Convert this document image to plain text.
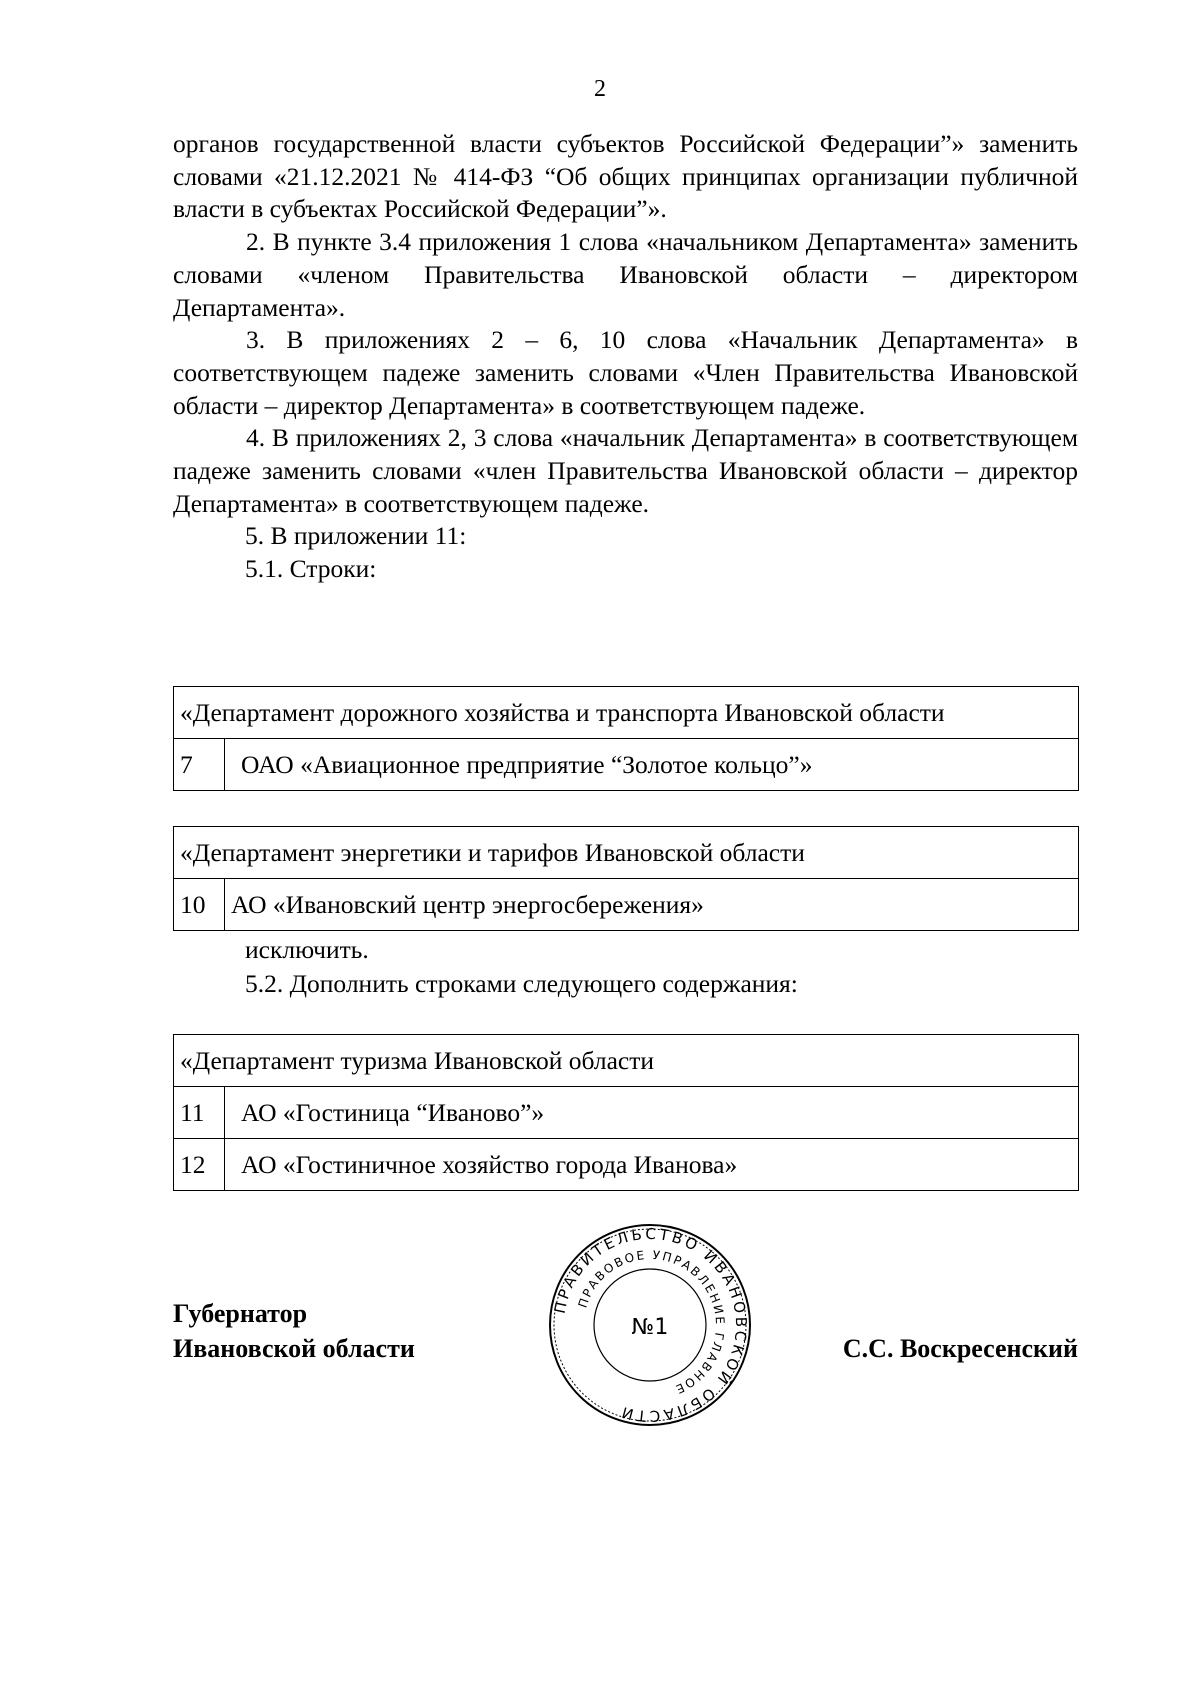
2

органов государственной власти субъектов Российской Федерации”» заменить словами «21.12.2021 № 414-ФЗ “Об общих принципах организации публичной власти в субъектах Российской Федерации”».

2. В пункте 3.4 приложения 1 слова «начальником Департамента» заменить словами «членом Правительства Ивановской области – директором Департамента».

3. В приложениях 2 – 6, 10 слова «Начальник Департамента» в соответствующем падеже заменить словами «Член Правительства Ивановской области – директор Департамента» в соответствующем падеже.

4. В приложениях 2, 3 слова «начальник Департамента» в соответствующем падеже заменить словами «член Правительства Ивановской области – директор Департамента» в соответствующем падеже.

5. В приложении 11:

5.1. Строки:

«Департамент дорожного хозяйства и транспорта Ивановской области
7	ОАО «Авиационное предприятие “Золотое кольцо”»
«Департамент энергетики и тарифов Ивановской области
10	АО «Ивановский центр энергосбережения»
исключить.
5.2. Дополнить строками следующего содержания:
«Департамент туризма Ивановской области	
11	АО «Гостиница “Иваново”»
12	АО «Гостиничное хозяйство города Иванова»
Губернатор
Ивановской области
ПРАВИТЕЛЬСТВО ИВАНОВСКОЙ ОБЛАСТИ
ПРАВОВОЕ УПРАВЛЕНИЕ ГЛАВНОЕ
№1
С.С. Воскресенский
